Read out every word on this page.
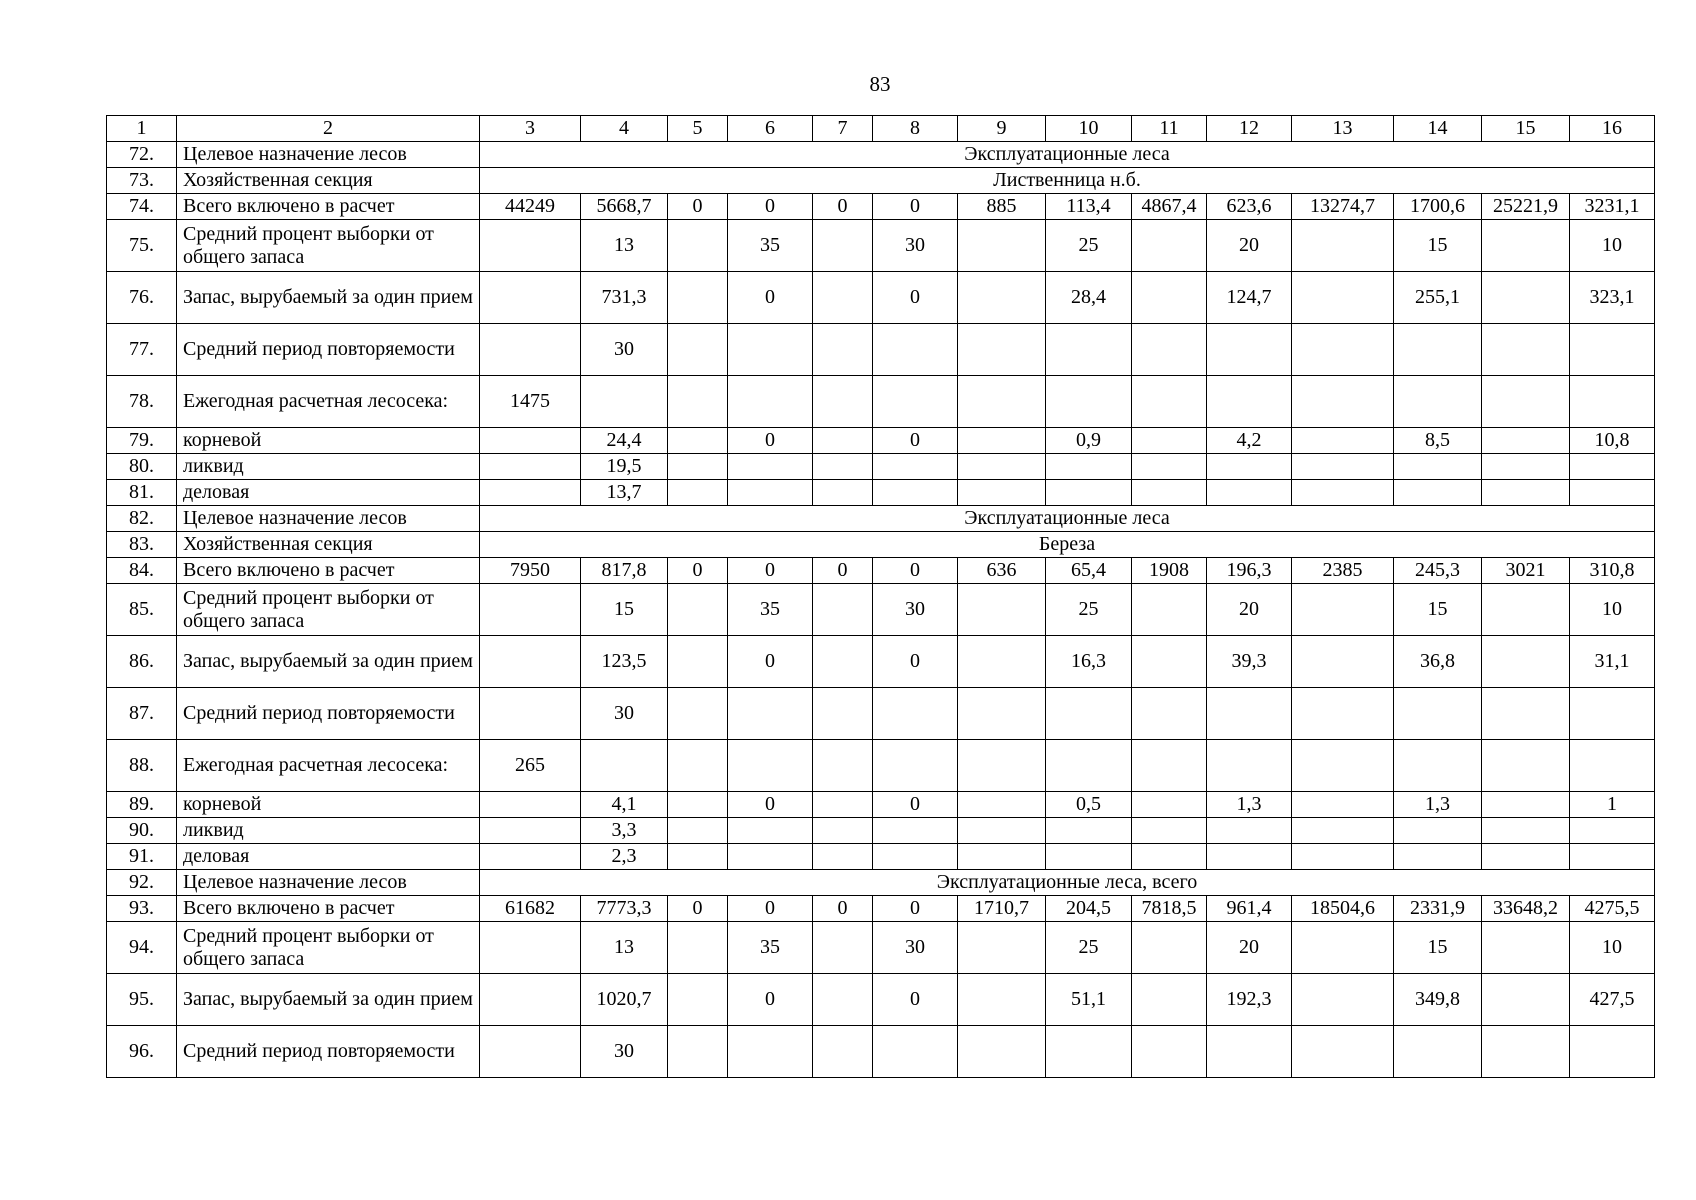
83
1	2	3	4	5	6	7	8	9	10	11	12	13	14	15	16
72.	Целевое назначение лесов	Эксплуатационные леса													
73.	Хозяйственная секция	Лиственница н.б.													
74.	Всего включено в расчет	44249	5668,7	0	0	0	0	885	113,4	4867,4	623,6	13274,7	1700,6	25221,9	3231,1
75.	Средний процент выборки от общего запаса		13		35		30		25		20		15		10
76.	Запас, вырубаемый за один прием		731,3		0		0		28,4		124,7		255,1		323,1
77.	Средний период повторяемости		30												
78.	Ежегодная расчетная лесосека:	1475													
79.	корневой		24,4		0		0		0,9		4,2		8,5		10,8
80.	ликвид		19,5												
81.	деловая		13,7												
82.	Целевое назначение лесов	Эксплуатационные леса													
83.	Хозяйственная секция	Береза													
84.	Всего включено в расчет	7950	817,8	0	0	0	0	636	65,4	1908	196,3	2385	245,3	3021	310,8
85.	Средний процент выборки от общего запаса		15		35		30		25		20		15		10
86.	Запас, вырубаемый за один прием		123,5		0		0		16,3		39,3		36,8		31,1
87.	Средний период повторяемости		30												
88.	Ежегодная расчетная лесосека:	265													
89.	корневой		4,1		0		0		0,5		1,3		1,3		1
90.	ликвид		3,3												
91.	деловая		2,3												
92.	Целевое назначение лесов	Эксплуатационные леса, всего													
93.	Всего включено в расчет	61682	7773,3	0	0	0	0	1710,7	204,5	7818,5	961,4	18504,6	2331,9	33648,2	4275,5
94.	Средний процент выборки от общего запаса		13		35		30		25		20		15		10
95.	Запас, вырубаемый за один прием		1020,7		0		0		51,1		192,3		349,8		427,5
96.	Средний период повторяемости		30												
